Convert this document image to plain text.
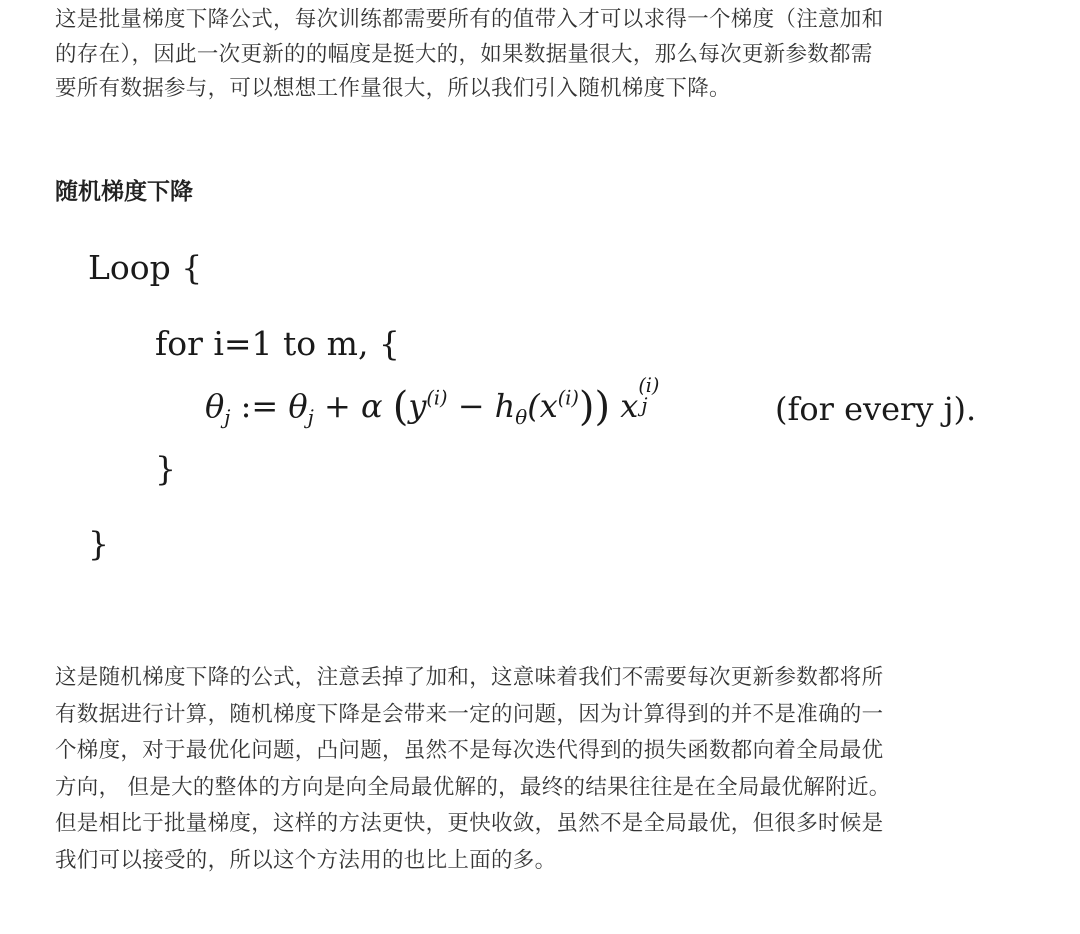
这是批量梯度下降公式，每次训练都需要所有的值带入才可以求得一个梯度（注意加和
的存在），因此一次更新的的幅度是挺大的，如果数据量很大，那么每次更新参数都需
要所有数据参与，可以想想工作量很大，所以我们引入随机梯度下降。
随机梯度下降
Loop {
for i=1 to m, {
$\theta_j$ := $\theta_j + \alpha$ $(y^{(i)} - h_\theta(x^{(i)}))$ x
(i)
j	(for every j).
}
}
这是随机梯度下降的公式，注意丢掉了加和，这意味着我们不需要每次更新参数都将所
有数据进行计算，随机梯度下降是会带来一定的问题，因为计算得到的并不是准确的一
个梯度，对于最优化问题，凸问题，虽然不是每次迭代得到的损失函数都向着全局最优
方向， 但是大的整体的方向是向全局最优解的，最终的结果往往是在全局最优解附近。
但是相比于批量梯度，这样的方法更快，更快收敛，虽然不是全局最优，但很多时候是
我们可以接受的，所以这个方法用的也比上面的多。
